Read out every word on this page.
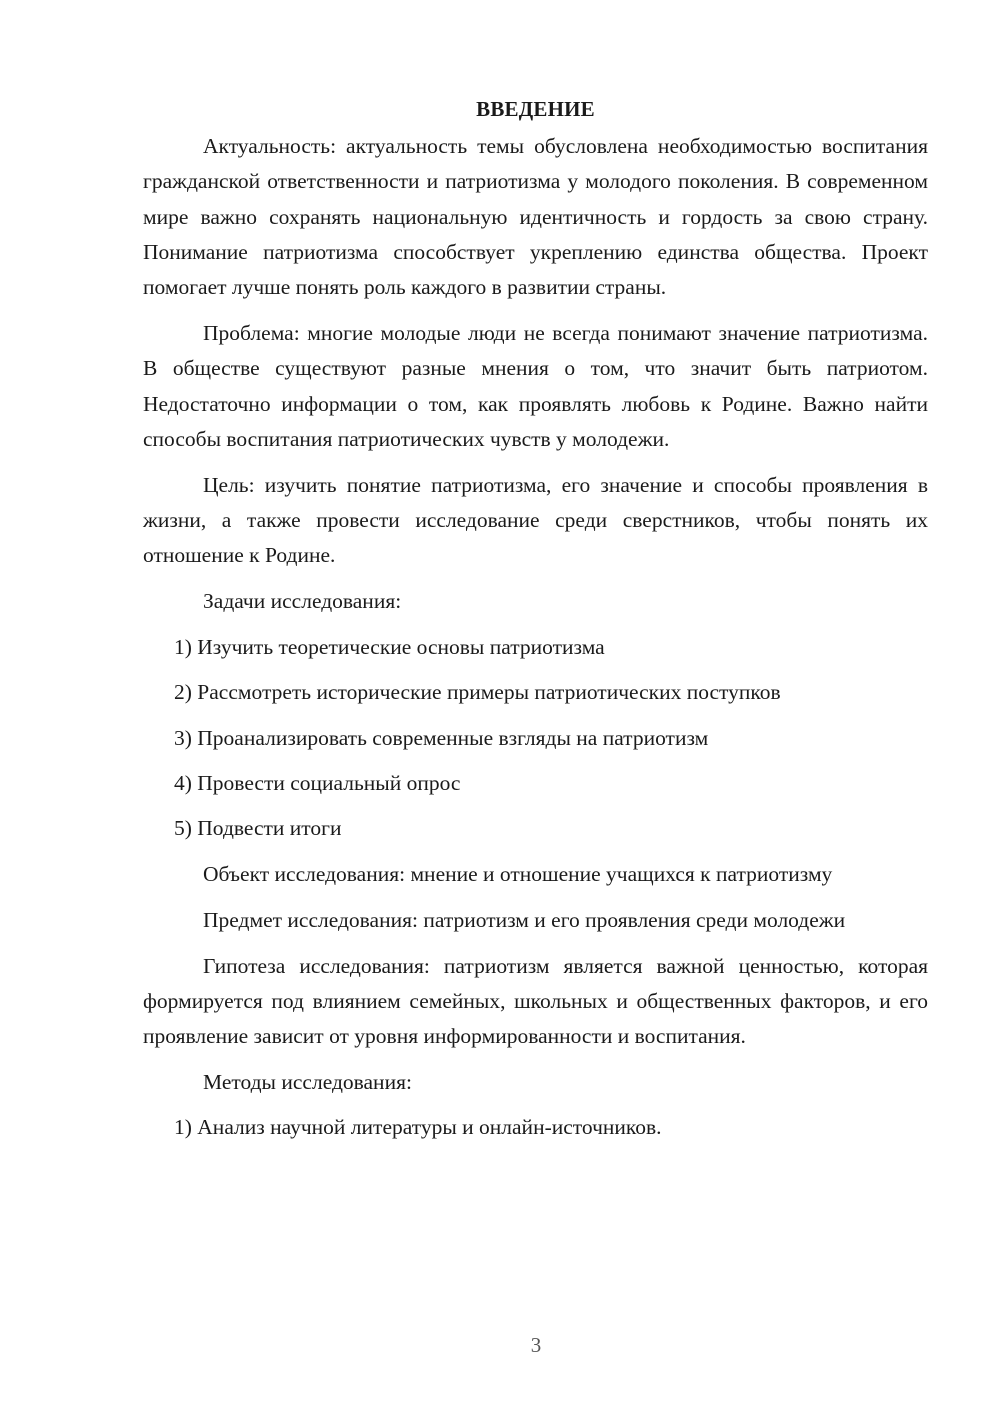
ВВЕДЕНИЕ

Актуальность: актуальность темы обусловлена необходимостью воспитания гражданской ответственности и патриотизма у молодого поколения. В современном мире важно сохранять национальную идентичность и гордость за свою страну. Понимание патриотизма способствует укреплению единства общества. Проект помогает лучше понять роль каждого в развитии страны.

Проблема: многие молодые люди не всегда понимают значение патриотизма. В обществе существуют разные мнения о том, что значит быть патриотом. Недостаточно информации о том, как проявлять любовь к Родине. Важно найти способы воспитания патриотических чувств у молодежи.

Цель: изучить понятие патриотизма, его значение и способы проявления в жизни, а также провести исследование среди сверстников, чтобы понять их отношение к Родине.

Задачи исследования:
1) Изучить теоретические основы патриотизма
2) Рассмотреть исторические примеры патриотических поступков
3) Проанализировать современные взгляды на патриотизм
4) Провести социальный опрос
5) Подвести итоги

Объект исследования: мнение и отношение учащихся к патриотизму

Предмет исследования: патриотизм и его проявления среди молодежи

Гипотеза исследования: патриотизм является важной ценностью, которая формируется под влиянием семейных, школьных и общественных факторов, и его проявление зависит от уровня информированности и воспитания.

Методы исследования:
1) Анализ научной литературы и онлайн-источников.
3
